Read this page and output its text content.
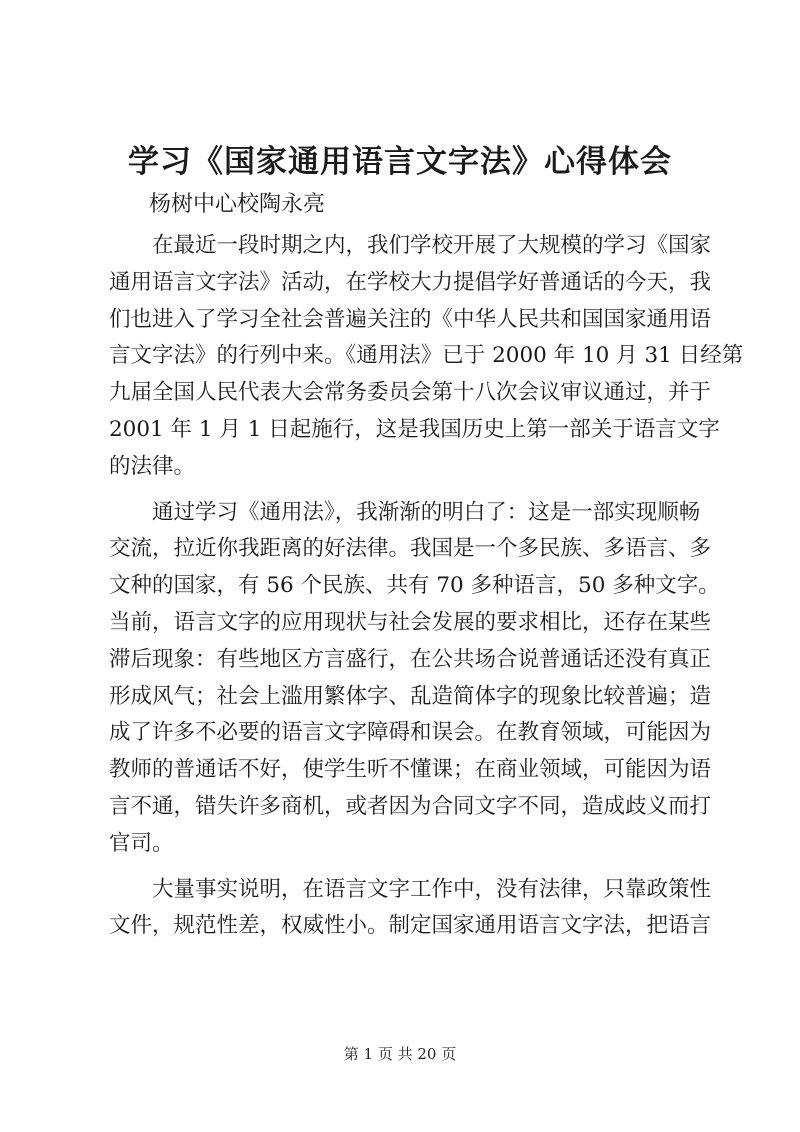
学习《国家通用语言文字法》心得体会

杨树中心校陶永亮

在最近一段时期之内，我们学校开展了大规模的学习《国家
通用语言文字法》活动，在学校大力提倡学好普通话的今天，我
们也进入了学习全社会普遍关注的《中华人民共和国国家通用语
言文字法》的行列中来。《通用法》已于 2000 年 10 月 31 日经第
九届全国人民代表大会常务委员会第十八次会议审议通过，并于
2001 年 1 月 1 日起施行，这是我国历史上第一部关于语言文字
的法律。
通过学习《通用法》，我渐渐的明白了：这是一部实现顺畅
交流，拉近你我距离的好法律。我国是一个多民族、多语言、多
文种的国家，有 56 个民族、共有 70 多种语言，50 多种文字。
当前，语言文字的应用现状与社会发展的要求相比，还存在某些
滞后现象：有些地区方言盛行，在公共场合说普通话还没有真正
形成风气；社会上滥用繁体字、乱造简体字的现象比较普遍；造
成了许多不必要的语言文字障碍和误会。在教育领域，可能因为
教师的普通话不好，使学生听不懂课；在商业领域，可能因为语
言不通，错失许多商机，或者因为合同文字不同，造成歧义而打
官司。
大量事实说明，在语言文字工作中，没有法律，只靠政策性
文件，规范性差，权威性小。制定国家通用语言文字法，把语言
第 1 页 共 20 页
